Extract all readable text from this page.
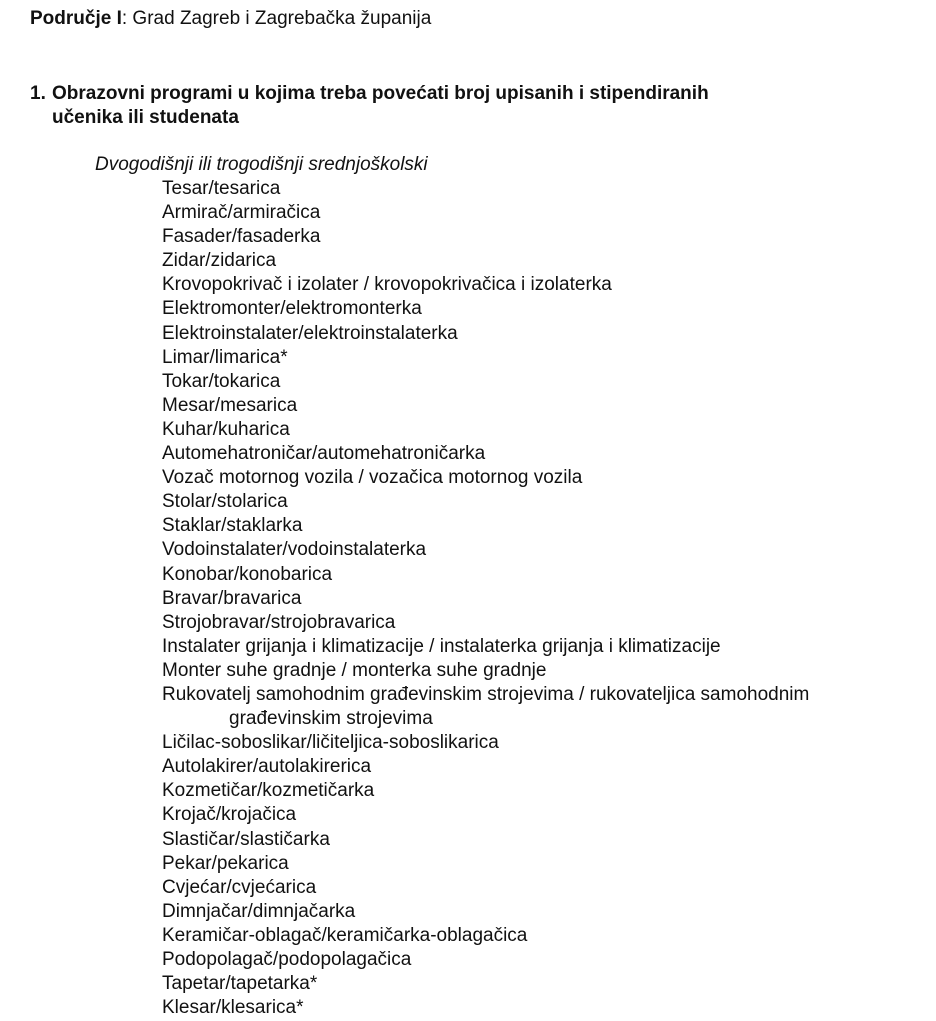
Područje I: Grad Zagreb i Zagrebačka županija
1. Obrazovni programi u kojima treba povećati broj upisanih i stipendiranih
učenika ili studenata
Dvogodišnji ili trogodišnji srednjoškolski
Tesar/tesarica
Armirač/armiračica
Fasader/fasaderka
Zidar/zidarica
Krovopokrivač i izolater / krovopokrivačica i izolaterka
Elektromonter/elektromonterka
Elektroinstalater/elektroinstalaterka
Limar/limarica*
Tokar/tokarica
Mesar/mesarica
Kuhar/kuharica
Automehatroničar/automehatroničarka
Vozač motornog vozila / vozačica motornog vozila
Stolar/stolarica
Staklar/staklarka
Vodoinstalater/vodoinstalaterka
Konobar/konobarica
Bravar/bravarica
Strojobravar/strojobravarica
Instalater grijanja i klimatizacije / instalaterka grijanja i klimatizacije
Monter suhe gradnje / monterka suhe gradnje
Rukovatelj samohodnim građevinskim strojevima / rukovateljica samohodnim
građevinskim strojevima
Ličilac-soboslikar/ličiteljica-soboslikarica
Autolakirer/autolakirerica
Kozmetičar/kozmetičarka
Krojač/krojačica
Slastičar/slastičarka
Pekar/pekarica
Cvjećar/cvjećarica
Dimnjačar/dimnjačarka
Keramičar-oblagač/keramičarka-oblagačica
Podopolagač/podopolagačica
Tapetar/tapetarka*
Klesar/klesarica*
